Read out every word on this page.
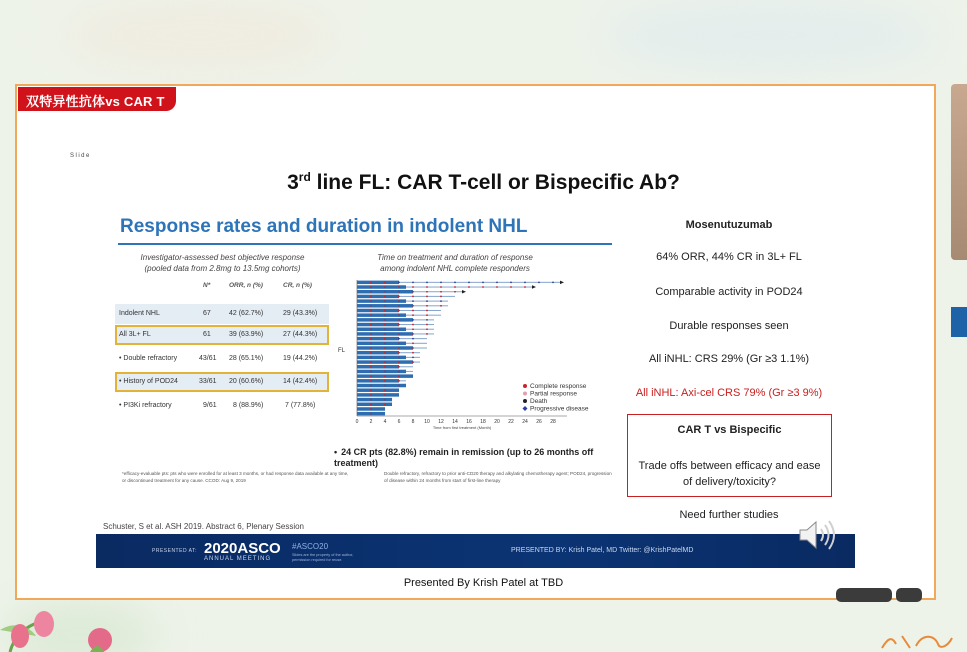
双特异性抗体vs CAR T
Slide
3rd line FL: CAR T-cell or Bispecific Ab?
Response rates and duration in indolent NHL
Investigator-assessed best objective response
(pooled data from 2.8mg to 13.5mg cohorts)
N*	ORR, n (%)	CR, n (%)
Indolent NHL	67	42 (62.7%)	29 (43.3%)
All 3L+ FL	61	39 (63.9%)	27 (44.3%)
• Double refractory	43/61 28 (65.1%)	19 (44.2%)
• History of POD24	33/61 20 (60.6%)	14 (42.4%)
• PI3Ki refractory	9/61 8 (88.9%)	7 (77.8%)
Time on treatment and duration of response
among indolent NHL complete responders
FL
0 2 4 6 8 10 12 14 16 18 20 22 24 26 28
Time from first treatment (Month)
Complete response
Partial response
Death
Progressive disease
• 24 CR pts (82.8%) remain in remission (up to 26 months off treatment)
*efficacy-evaluable pts: pts who were enrolled for at least 3 months, or had response data available at any time, or discontinued treatment for any cause. CCOD: Aug 9, 2019
Double refractory, refractory to prior anti-CD20 therapy and alkylating chemotherapy agent; POD24, progression of disease within 24 months from start of first-line therapy
Schuster, S et al. ASH 2019. Abstract 6, Plenary Session
Mosenutuzumab
64% ORR, 44% CR in 3L+ FL
Comparable activity in POD24
Durable responses seen
All iNHL: CRS 29% (Gr ≥3 1.1%)
All iNHL: Axi-cel CRS 79% (Gr ≥3 9%)
CAR T vs Bispecific
Trade offs between efficacy and ease of delivery/toxicity?
Need further studies
PRESENTED AT: 2020ASCO
ANNUAL MEETING
#ASCO20
Slides are the property of the author, permission required for reuse.
PRESENTED BY: Krish Patel, MD Twitter: @KrishPatelMD
Presented By Krish Patel at TBD
